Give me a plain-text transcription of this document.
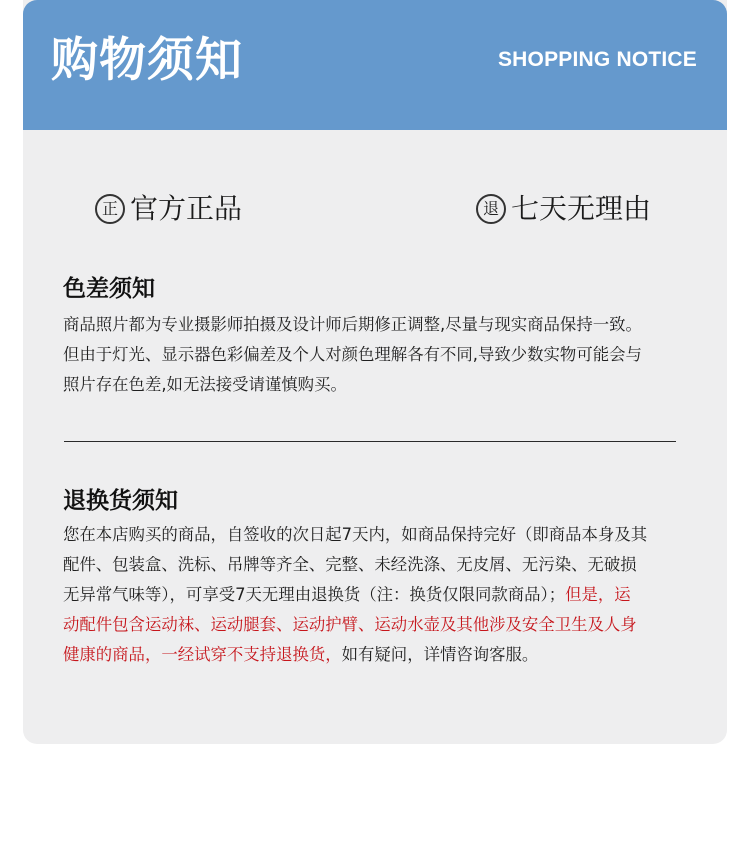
购物须知	SHOPPING NOTICE
正 官方正品	退 七天无理由
色差须知

商品照片都为专业摄影师拍摄及设计师后期修正调整,尽量与现实商品保持一致。
但由于灯光、显示器色彩偏差及个人对颜色理解各有不同,导致少数实物可能会与
照片存在色差,如无法接受请谨慎购买。

退换货须知

您在本店购买的商品，自签收的次日起7天内，如商品保持完好（即商品本身及其
配件、包装盒、洗标、吊牌等齐全、完整、未经洗涤、无皮屑、无污染、无破损
无异常气味等），可享受7天无理由退换货（注：换货仅限同款商品）；但是，运
动配件包含运动袜、运动腿套、运动护臂、运动水壶及其他涉及安全卫生及人身
健康的商品，一经试穿不支持退换货，如有疑问，详情咨询客服。
